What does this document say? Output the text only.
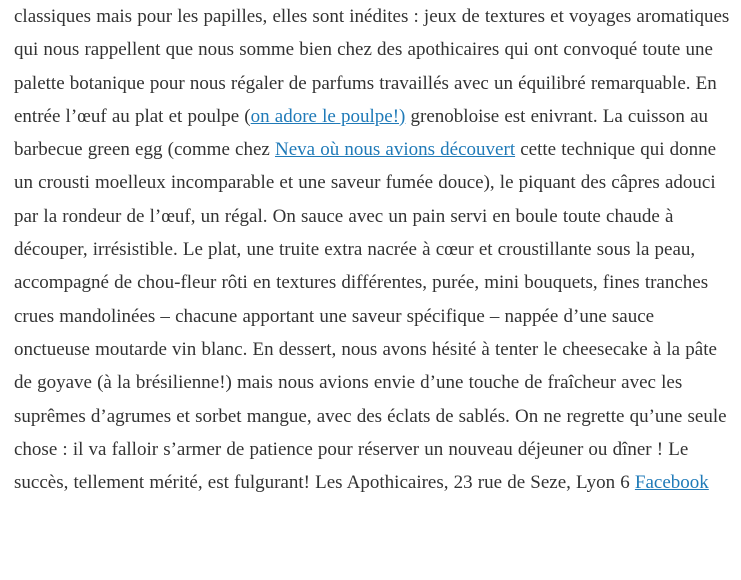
classiques mais pour les papilles, elles sont inédites : jeux de textures et voyages aromatiques qui nous rappellent que nous somme bien chez des apothicaires qui ont convoqué toute une palette botanique pour nous régaler de parfums travaillés avec un équilibré remarquable. En entrée l’œuf au plat et poulpe (on adore le poulpe!) grenobloise est enivrant. La cuisson au barbecue green egg (comme chez Neva où nous avions découvert cette technique qui donne un crousti moelleux incomparable et une saveur fumée douce), le piquant des câpres adouci par la rondeur de l’œuf, un régal. On sauce avec un pain servi en boule toute chaude à découper, irrésistible. Le plat, une truite extra nacrée à cœur et croustillante sous la peau, accompagné de chou-fleur rôti en textures différentes, purée, mini bouquets, fines tranches crues mandolinées – chacune apportant une saveur spécifique – nappée d’une sauce onctueuse moutarde vin blanc. En dessert, nous avons hésité à tenter le cheesecake à la pâte de goyave (à la brésilienne!) mais nous avions envie d’une touche de fraîcheur avec les suprêmes d’agrumes et sorbet mangue, avec des éclats de sablés. On ne regrette qu’une seule chose : il va falloir s’armer de patience pour réserver un nouveau déjeuner ou dîner ! Le succès, tellement mérité, est fulgurant! Les Apothicaires, 23 rue de Seze, Lyon 6 Facebook
